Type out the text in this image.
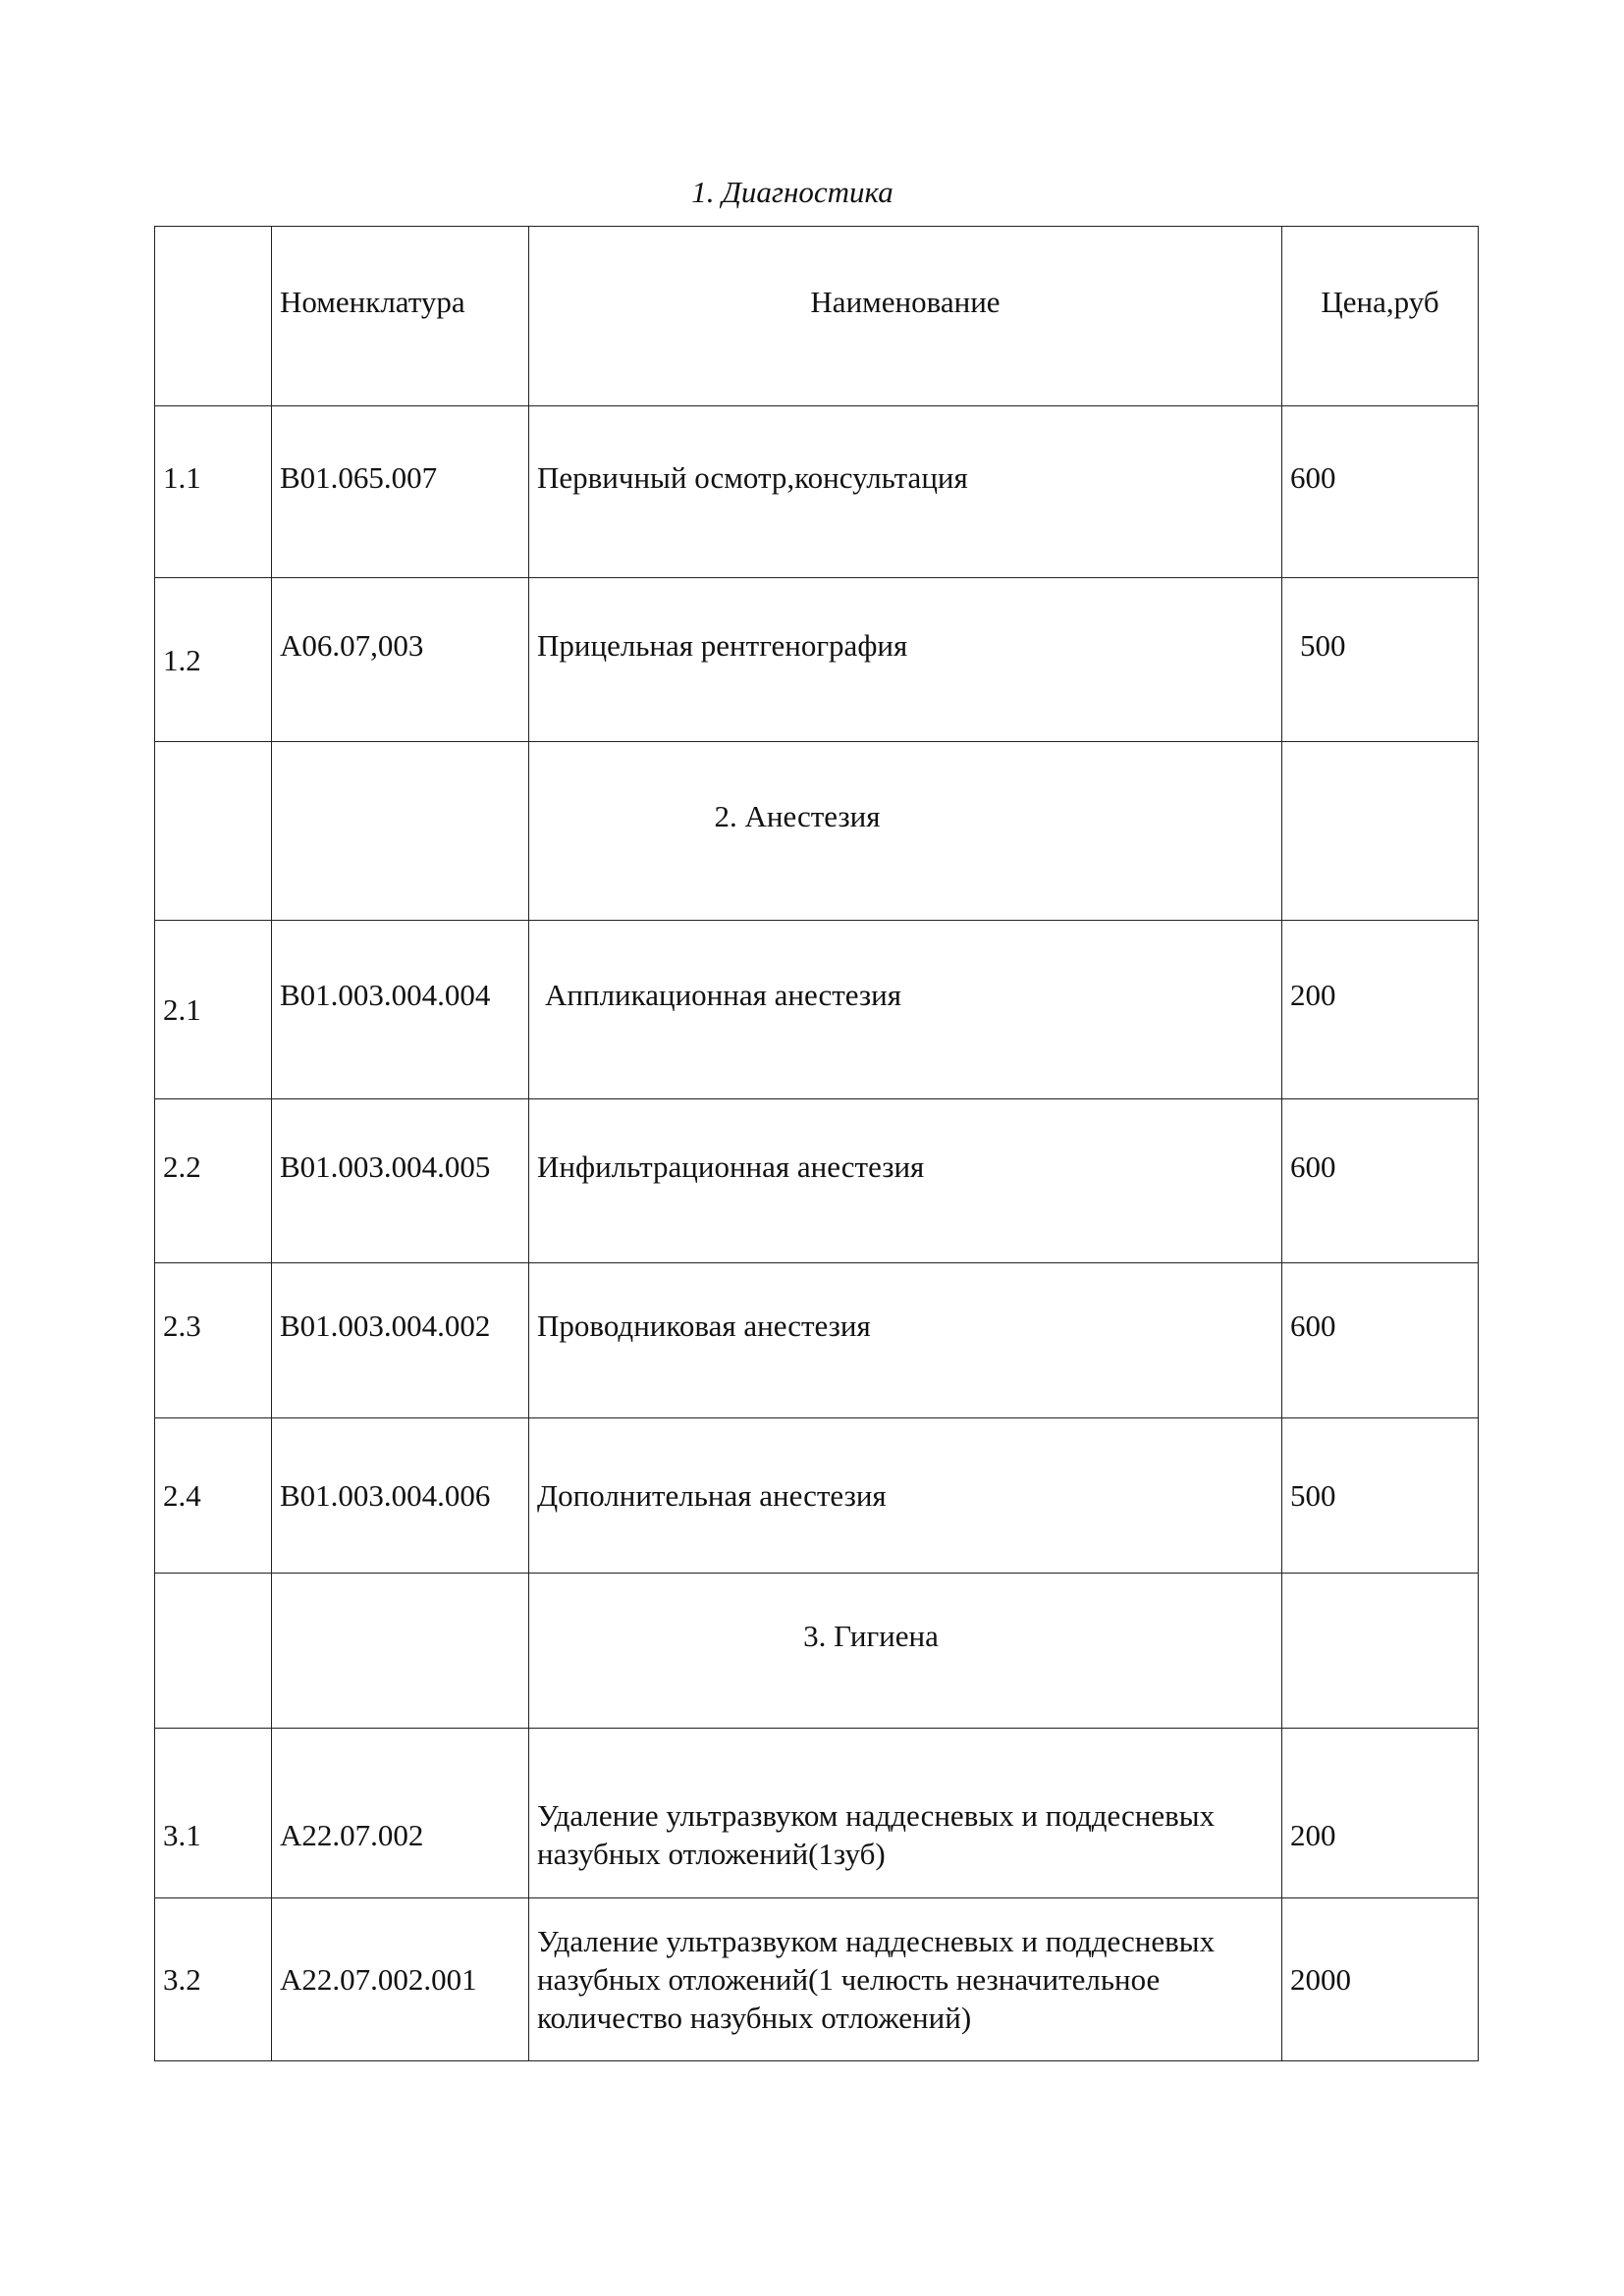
1. Диагностика
	Номенклатура	Наименование	Цена,руб
1.1	B01.065.007	Первичный осмотр,консультация	600
1.2	А06.07,003	Прицельная рентгенография	500
		2. Анестезия	
2.1	B01.003.004.004	Аппликационная анестезия	200
2.2	B01.003.004.005	Инфильтрационная анестезия	600
2.3	B01.003.004.002	Проводниковая анестезия	600
2.4	B01.003.004.006	Дополнительная анестезия	500
		3. Гигиена	
3.1	А22.07.002	Удаление ультразвуком наддесневых и поддесневых назубных отложений(1зуб)	200
3.2	А22.07.002.001	Удаление ультразвуком наддесневых и поддесневых назубных отложений(1 челюсть незначительное количество назубных отложений)	2000
